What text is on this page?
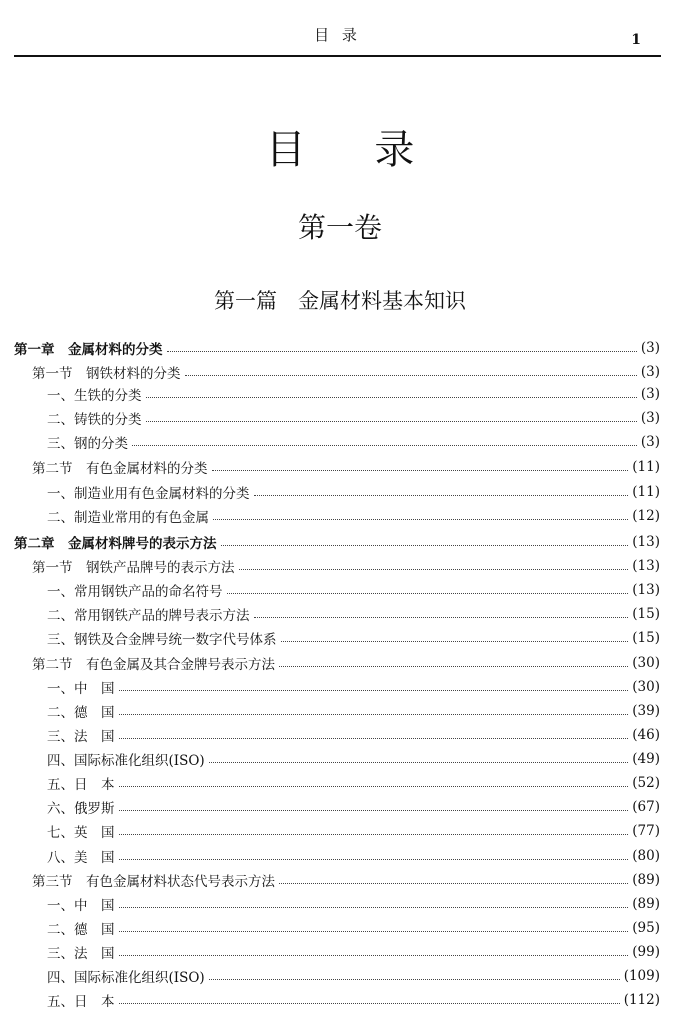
目 录	1
目 录
第一卷
第一篇　金属材料基本知识
第一章　金属材料的分类	(3)
第一节　钢铁材料的分类	(3)
一、生铁的分类	(3)
二、铸铁的分类	(3)
三、钢的分类	(3)
第二节　有色金属材料的分类	(11)
一、制造业用有色金属材料的分类	(11)
二、制造业常用的有色金属	(12)
第二章　金属材料牌号的表示方法	(13)
第一节　钢铁产品牌号的表示方法	(13)
一、常用钢铁产品的命名符号	(13)
二、常用钢铁产品的牌号表示方法	(15)
三、钢铁及合金牌号统一数字代号体系	(15)
第二节　有色金属及其合金牌号表示方法	(30)
一、中　国	(30)
二、德　国	(39)
三、法　国	(46)
四、国际标准化组织(ISO)	(49)
五、日　本	(52)
六、俄罗斯	(67)
七、英　国	(77)
八、美　国	(80)
第三节　有色金属材料状态代号表示方法	(89)
一、中　国	(89)
二、德　国	(95)
三、法　国	(99)
四、国际标准化组织(ISO)	(109)
五、日　本	(112)
